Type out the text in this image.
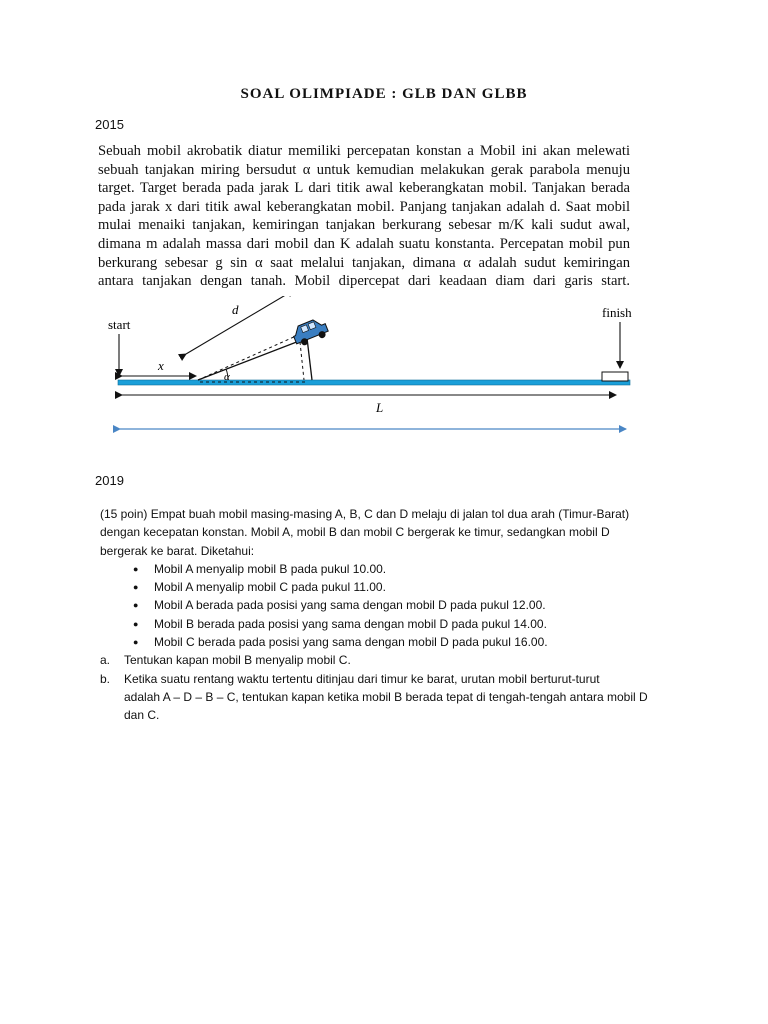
SOAL OLIMPIADE : GLB DAN GLBB
2015
Sebuah mobil akrobatik diatur memiliki percepatan konstan a Mobil ini akan melewati
sebuah tanjakan miring bersudut α untuk kemudian melakukan gerak parabola menuju
target. Target berada pada jarak L dari titik awal keberangkatan mobil. Tanjakan berada
pada jarak x dari titik awal keberangkatan mobil. Panjang tanjakan adalah d. Saat mobil
mulai menaiki tanjakan, kemiringan tanjakan berkurang sebesar m/K kali sudut awal,
dimana m adalah massa dari mobil dan K adalah suatu konstanta. Percepatan mobil pun
berkurang sebesar g sin α saat melalui tanjakan, dimana α adalah sudut kemiringan
antara tanjakan dengan tanah. Mobil dipercepat dari keadaan diam dari garis start.
start
finish
x
α
d
L
2019
(15 poin) Empat buah mobil masing-masing A, B, C dan D melaju di jalan tol dua arah (Timur-Barat)
dengan kecepatan konstan. Mobil A, mobil B dan mobil C bergerak ke timur, sedangkan mobil D
bergerak ke barat. Diketahui:
● Mobil A menyalip mobil B pada pukul 10.00.
● Mobil A menyalip mobil C pada pukul 11.00.
● Mobil A berada pada posisi yang sama dengan mobil D pada pukul 12.00.
● Mobil B berada pada posisi yang sama dengan mobil D pada pukul 14.00.
● Mobil C berada pada posisi yang sama dengan mobil D pada pukul 16.00.
a. Tentukan kapan mobil B menyalip mobil C.
b. Ketika suatu rentang waktu tertentu ditinjau dari timur ke barat, urutan mobil berturut-turut
adalah A – D – B – C, tentukan kapan ketika mobil B berada tepat di tengah-tengah antara mobil D
dan C.
